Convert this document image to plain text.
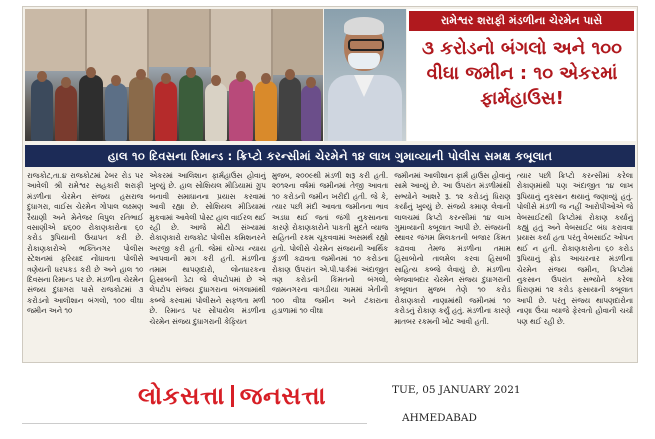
રામેશ્વર શરાફી મંડળીના ચેરમેન પાસે
૩ કરોડનો બંગલો અને ૧૦૦ વીઘા જમીન : ૧૦ એકરમાં ફાર્મહાઉસ!
હાલ ૧૦ દિવસના રિમાન્ડ : ક્રિપ્ટો કરન્સીમાં ચેરમેને ૧૪ લાખ ગુમાવ્યાની પોલીસ સમક્ષ કબૂલાત
રાજકોટ,તા.૪ રાજકોટમાં ઢેબર રોડ પર આવેલી શ્રી રામેશ્વર સહકારી શરાફી મંડળીના ચેરમેન સંજય હસરાજ દુધાગરા, વાઈસ ચેરમેન ગોપાલ લક્ષ્મણ રૈયાણી અને મેનેજર વિપુલ રતિભાઈ વસાણીએ ૪૬૦૦ રોકાણકારોના ૬૦ કરોડ રૂપિયાની ઉચાપત કરી છે. રોકાણકારોએ ભક્તિનગર પોલીસ સ્ટેશનમાં ફરિયાદ નોંધાવતા પોલીસે ત્રણેયની ધરપકડ કરી છે અને હાલ ૧૦ દિવસના રિમાન્ડ પર છે. મંડળીના ચેરમેન સંજય દુધાગરા પાસે રાજકોટમાં ૩ કરોડનો આલીશાન બંગલો, ૧૦૦ વીઘા જમીન અને ૧૦
એકરમાં આલિશાન ફાર્મહાઉસ હોવાનું ખુલ્યું છે. હાલ સોશિયલ મીડિયામાં ગ્રુપ બનાવી સમાધાનના પ્રયાસ કરવામાં આવી રહ્યા છે. સોશિયલ મીડિયામાં મુકવામાં આવેલી પોસ્ટ હાલ વાઈરલ થઈ રહી છે. આજે મોટી સંખ્યામાં રોકાણકારો રાજકોટ પોલીસ કમિશનરને અરજી કરી હતી. જેમાં યોગ્ય ન્યાય આપવાની માગ કરી હતી. મંડળીના તમામ થાપણદારો, લોનધારકના હિસાબની ડેટા જે લેપટોપમાં છે એ લેપટોપ સંજય દુધાગરાના બંગલામાંથી કબ્જે કરવામાં પોલીસને સફળતા મળી છે. રિમાન્ડ પર સોંપાયેલ મંડળીના ચેરમેન સંજય દુધાગરાની કેફિયત
મુજબ, ૨૦૦૯થી મંડળી શરૂ કરી હતી. ૨૦૧૨ના વર્ષમાં જમીનમાં તેજી આવતા ૧૦ કરોડની જમીન ખરીદી હતી. જે કે, ત્યાર પછી મંદી આવતા જમીનના ભાવ અડધા થઈ જતાં જંગી નુકસાનના કારણે રોકાણકારોને પાકતી મુદતે વ્યાજ સહિતની રકમ ચૂકવવામાં અસમર્થ રહ્યો હતો. પોલીસે ચેરમેન સંજયની આર્થિક કુંડળી કઢાવતા જમીનમાં ૧૦ કરોડના રોકાણ ઉપરાંત એ.પી.પાર્કમાં અંદાજીત ત્રણ કરોડની કિંમતનો બંગલો, જામનગરના વાગડીયા ગામમાં ખેતીની ૧૦૦ વીઘા જમીન અને ટંકારાના હડાળામાં ૧૦ વીઘા
જમીનમાં આલીશાન ફાર્મ હાઉસ હોવાનું સામે આવ્યું છે. આ ઉપરાંત મંડળીમાંથી સભ્યોને આશરે રૂ. ૧૨ કરોડનું ધિરાણ કર્યાનું ખુલ્યું છે. સંજયે કમાણ લેવાની લાલચમાં ક્રિપ્ટો કરન્સીમાં ૧૪ લાખ ગુમાવ્યાની કબૂલાત આપી છે. સંજયની સ્થાવર જંગમ મિલકતની બજાર કિંમત કઢાવવા તેમજ મંડળીના તમામ હિસાબોનો તાલમેલ કરવા હિસાબી સાહિત્ય કબ્જે લેવાયું છે. મંડળીના બેજવાબદાર ચેરમેન સંજય દુધાગરાની કબૂલાત મુજબ તેણે ૧૦ કરોડ રોકાણકારો નાણામાંથી જમીનમાં ૧૦ કરોડનું રોકાણ કર્યું હતું. મંડળીના કારણે માતબર રકમની ખોટ આવી હતી.
ત્યાર પછી ક્રિપ્ટો કરન્સીમાં કરેલા રોકાણમાંથી પણ અંદાજીત ૧૪ લાખ રૂપિયાનું નુકસાન થયાનું જણાવ્યું હતું. પોલીસે મંડળી જ નહીં આરોપીઓએ જે વેબસાઈટથી ક્રિપ્ટોમાં રોકાણ કર્યાનું કહ્યું હતું અને વેબસાઈટ બંધ કરાવવા પ્રયાસ કર્યા હતા પરંતુ વેબસાઈટ ઓપન થઈ ન હતી. રોકાણકારોના ૬૦ કરોડ રૂપિયાનું ફ્રોડ આચરનાર મંડળીના ચેરમેન સંજય જમીન, ક્રિપ્ટોમાં નુકસાન ઉપરાંત સભ્યોને કરેલા ધિરાણમાં ૧૨ કરોડ ફસાયાની કબૂલાત આપી છે. પરંતુ સંજય થાપણદારોના નાણા ઉંચા વ્યાજે ફેરવતો હોવાની ચર્ચા પણ થઈ રહી છે.
લોકસત્તા જનસત્તા	TUE, 05 JANUARY 2021
AHMEDABAD
